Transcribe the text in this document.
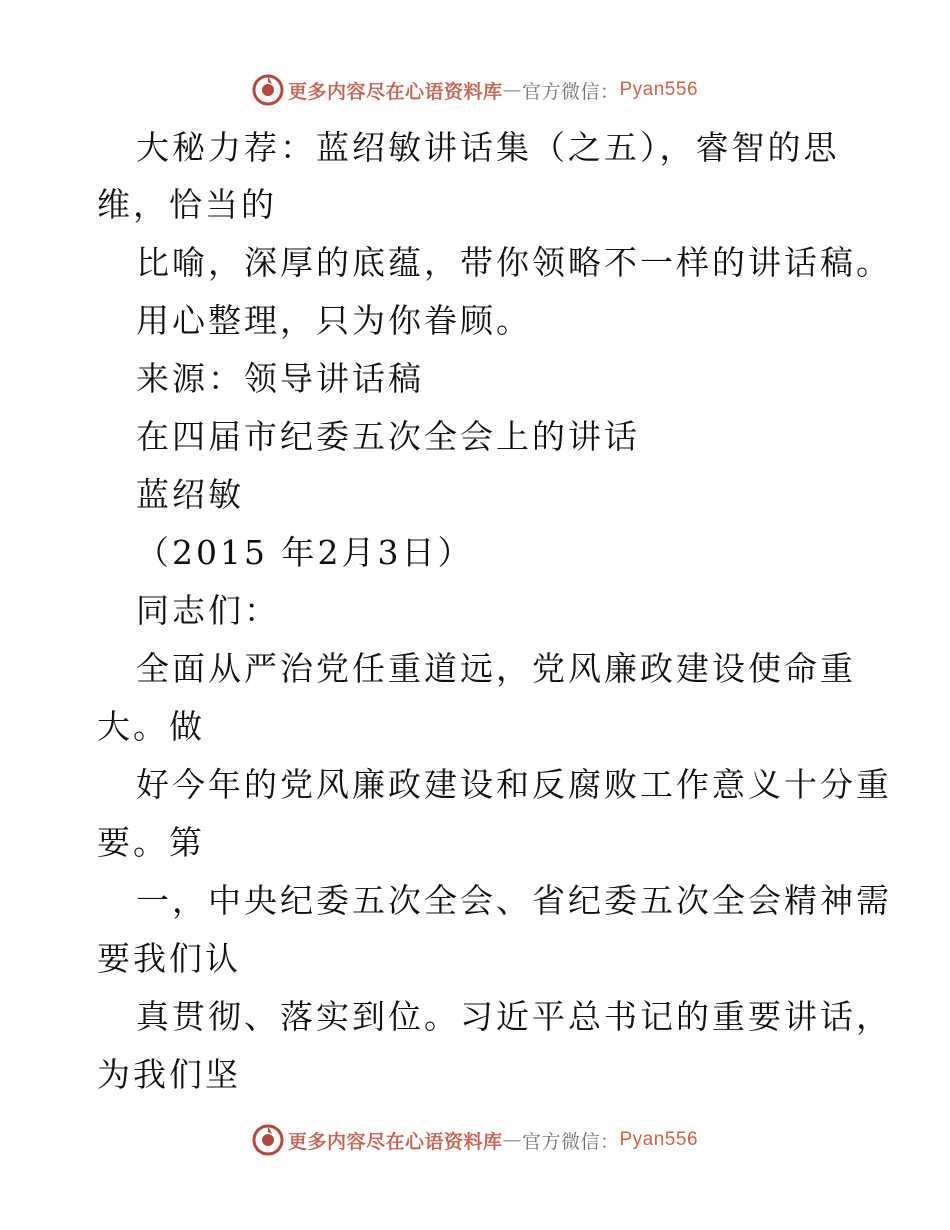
更多内容尽在心语资料库 — 官方微信： Pyan556
大秘力荐：蓝绍敏讲话集（之五），睿智的思
维，恰当的
比喻，深厚的底蕴，带你领略不一样的讲话稿。
用心整理，只为你眷顾。
来源：领导讲话稿
在四届市纪委五次全会上的讲话
蓝绍敏
（2015 年2月3日）
同志们：
全面从严治党任重道远，党风廉政建设使命重
大。做
好今年的党风廉政建设和反腐败工作意义十分重
要。第
一，中央纪委五次全会、省纪委五次全会精神需
要我们认
真贯彻、落实到位。习近平总书记的重要讲话，
为我们坚
更多内容尽在心语资料库 — 官方微信： Pyan556
